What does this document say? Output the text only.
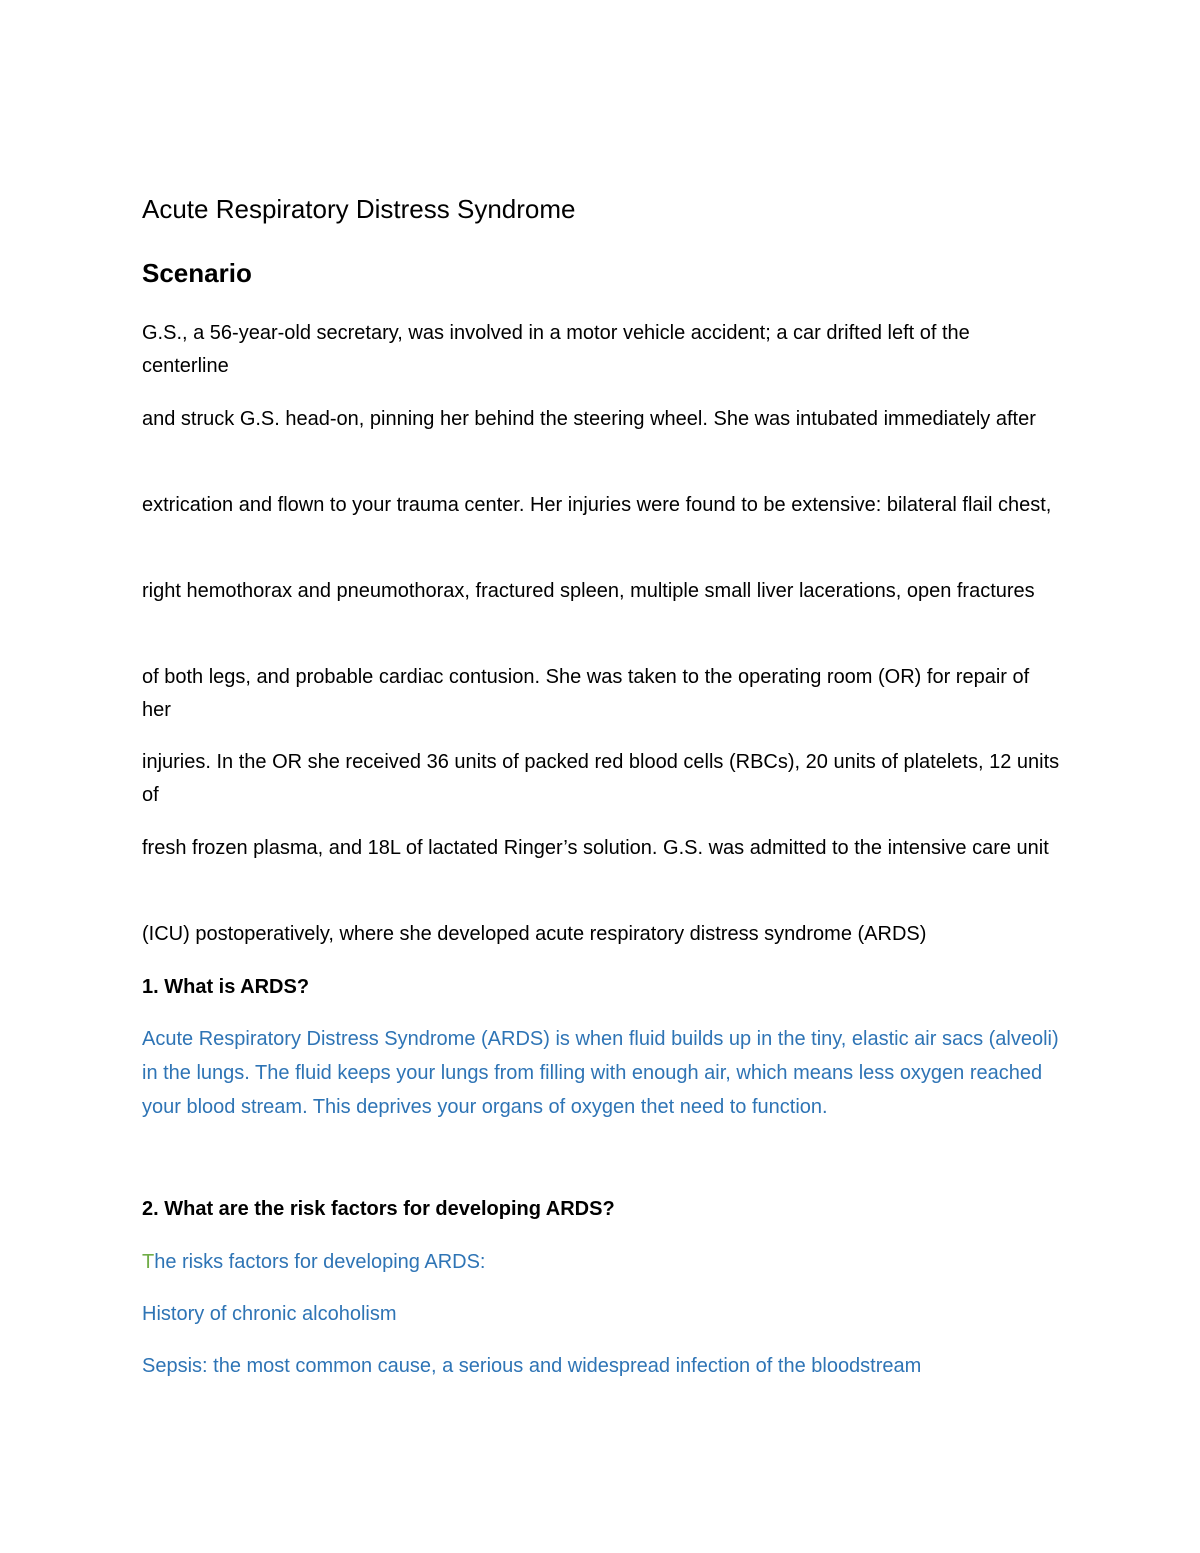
Acute Respiratory Distress Syndrome
Scenario

G.S., a 56-year-old secretary, was involved in a motor vehicle accident; a car drifted left of the centerline

and struck G.S. head-on, pinning her behind the steering wheel. She was intubated immediately after

extrication and flown to your trauma center. Her injuries were found to be extensive: bilateral flail chest,

right hemothorax and pneumothorax, fractured spleen, multiple small liver lacerations, open fractures

of both legs, and probable cardiac contusion. She was taken to the operating room (OR) for repair of her

injuries. In the OR she received 36 units of packed red blood cells (RBCs), 20 units of platelets, 12 units of

fresh frozen plasma, and 18L of lactated Ringer’s solution. G.S. was admitted to the intensive care unit

(ICU) postoperatively, where she developed acute respiratory distress syndrome (ARDS)

1. What is ARDS?

Acute Respiratory Distress Syndrome (ARDS) is when fluid builds up in the tiny, elastic air sacs (alveoli) in the lungs. The fluid keeps your lungs from filling with enough air, which means less oxygen reached your blood stream. This deprives your organs of oxygen thet need to function.

2. What are the risk factors for developing ARDS?

The risks factors for developing ARDS:

History of chronic alcoholism

Sepsis: the most common cause, a serious and widespread infection of the bloodstream
